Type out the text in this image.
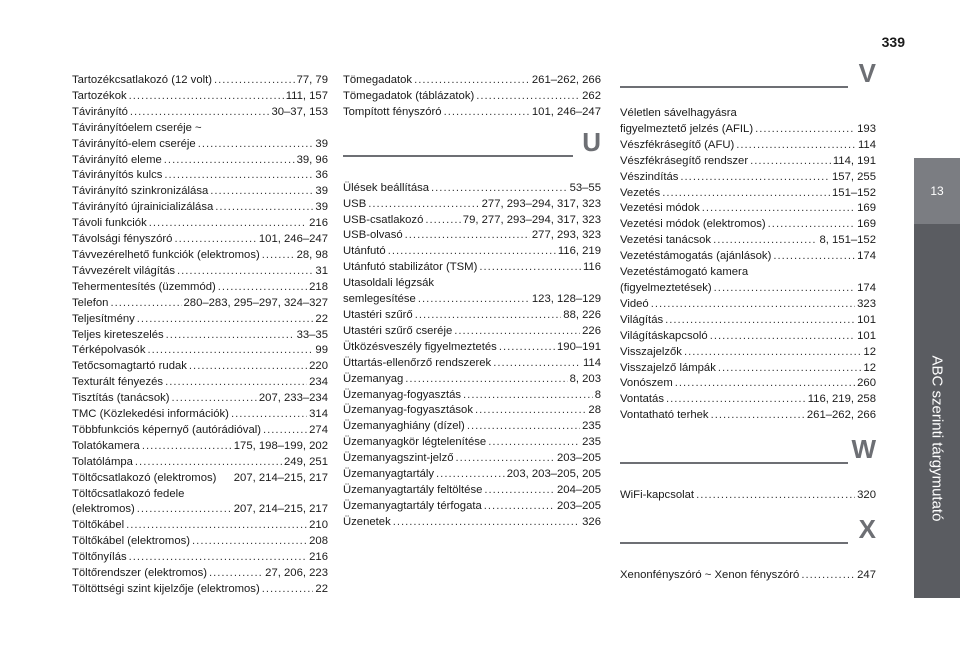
339
13
ABC szerinti tárgymutató
Tartozékcsatlakozó (12 volt) .....	77, 79
Tartozékok .....	111, 157
Távirányító .....	30–37, 153
Távirányítóelem cseréje ~
Távirányító-elem cseréje .....	39
Távirányító eleme .....	39, 96
Távirányítós kulcs .....	36
Távirányító szinkronizálása .....	39
Távirányító újrainicializálása .....	39
Távoli funkciók .....	216
Távolsági fényszóró .....	101, 246–247
Távvezérelhető funkciók (elektromos) .....	28, 98
Távvezérelt világítás .....	31
Tehermentesítés (üzemmód) .....	218
Telefon .....	280–283, 295–297, 324–327
Teljesítmény .....	22
Teljes kireteszelés .....	33–35
Térképolvasók .....	99
Tetőcsomagtartó rudak .....	220
Texturált fényezés .....	234
Tisztítás (tanácsok) .....	207, 233–234
TMC (Közlekedési információk) .....	314
Többfunkciós képernyő (autórádióval) .....	274
Tolatókamera .....	175, 198–199, 202
Tolatólámpa .....	249, 251
Töltőcsatlakozó (elektromos) 207, 214–215, 217
Töltőcsatlakozó fedele
(elektromos) .....	207, 214–215, 217
Töltőkábel .....	210
Töltőkábel (elektromos) .....	208
Töltőnyílás .....	216
Töltőrendszer (elektromos) .....	27, 206, 223
Töltöttségi szint kijelzője (elektromos) .....	22
Tömegadatok .....	261–262, 266
Tömegadatok (táblázatok) .....	262
Tompított fényszóró .....	101, 246–247
U
Ülések beállítása .....	53–55
USB .....	277, 293–294, 317, 323
USB-csatlakozó .....	79, 277, 293–294, 317, 323
USB-olvasó .....	277, 293, 323
Utánfutó .....	116, 219
Utánfutó stabilizátor (TSM) .....	116
Utasoldali légzsák
semlegesítése .....	123, 128–129
Utastéri szűrő .....	88, 226
Utastéri szűrő cseréje .....	226
Ütközésveszély figyelmeztetés .....	190–191
Üttartás-ellenőrző rendszerek .....	114
Üzemanyag .....	8, 203
Üzemanyag-fogyasztás .....	8
Üzemanyag-fogyasztások .....	28
Üzemanyaghiány (dízel) .....	235
Üzemanyagkör légtelenítése .....	235
Üzemanyagszint-jelző .....	203–205
Üzemanyagtartály .....	203, 203–205, 205
Üzemanyagtartály feltöltése .....	204–205
Üzemanyagtartály térfogata .....	203–205
Üzenetek .....	326
V
Véletlen sávelhagyásra
figyelmeztető jelzés (AFIL) .....	193
Vészfékrásegítő (AFU) .....	114
Vészfékrásegítő rendszer .....	114, 191
Vészindítás .....	157, 255
Vezetés .....	151–152
Vezetési módok .....	169
Vezetési módok (elektromos) .....	169
Vezetési tanácsok .....	8, 151–152
Vezetéstámogatás (ajánlások) .....	174
Vezetéstámogató kamera
(figyelmeztetések) .....	174
Videó .....	323
Világítás .....	101
Világításkapcsoló .....	101
Visszajelzők .....	12
Visszajelző lámpák .....	12
Vonószem .....	260
Vontatás .....	116, 219, 258
Vontatható terhek .....	261–262, 266
W
WiFi-kapcsolat .....	320
X
Xenonfényszóró ~ Xenon fényszóró .....	247
